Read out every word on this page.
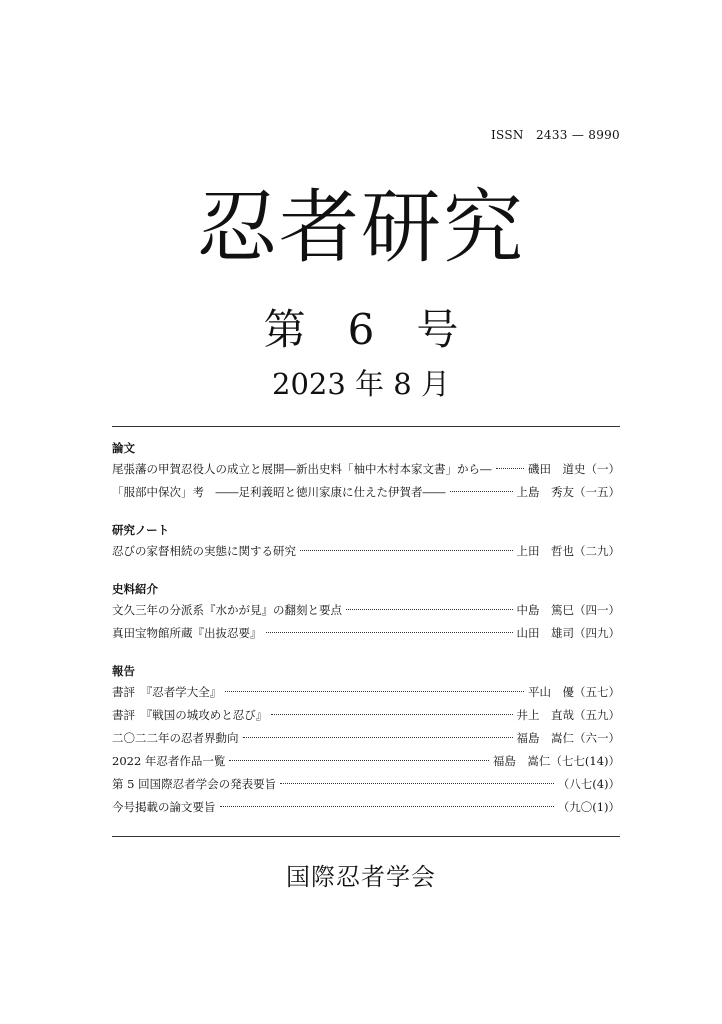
ISSN　2433 — 8990
忍者研究
第　6　号
2023 年 8 月
論文
尾張藩の甲賀忍役人の成立と展開―新出史料「柚中木村本家文書」から―	磯田　道史（一）
「服部中保次」考　――足利義昭と徳川家康に仕えた伊賀者――	上島　秀友（一五）
研究ノート
忍びの家督相続の実態に関する研究	上田　哲也（二九）
史料紹介
文久三年の分派系『水かが見』の翻刻と要点	中島　篤巳（四一）
真田宝物館所蔵『出抜忍要』	山田　雄司（四九）
報告
書評　『忍者学大全』	平山　優（五七）
書評　『戦国の城攻めと忍び』	井上　直哉（五九）
二〇二二年の忍者界動向	福島　嵩仁（六一）
2022 年忍者作品一覧	福島　嵩仁（七七(14)）
第 5 回国際忍者学会の発表要旨	（八七(4)）
今号掲載の論文要旨	（九〇(1)）
国際忍者学会
